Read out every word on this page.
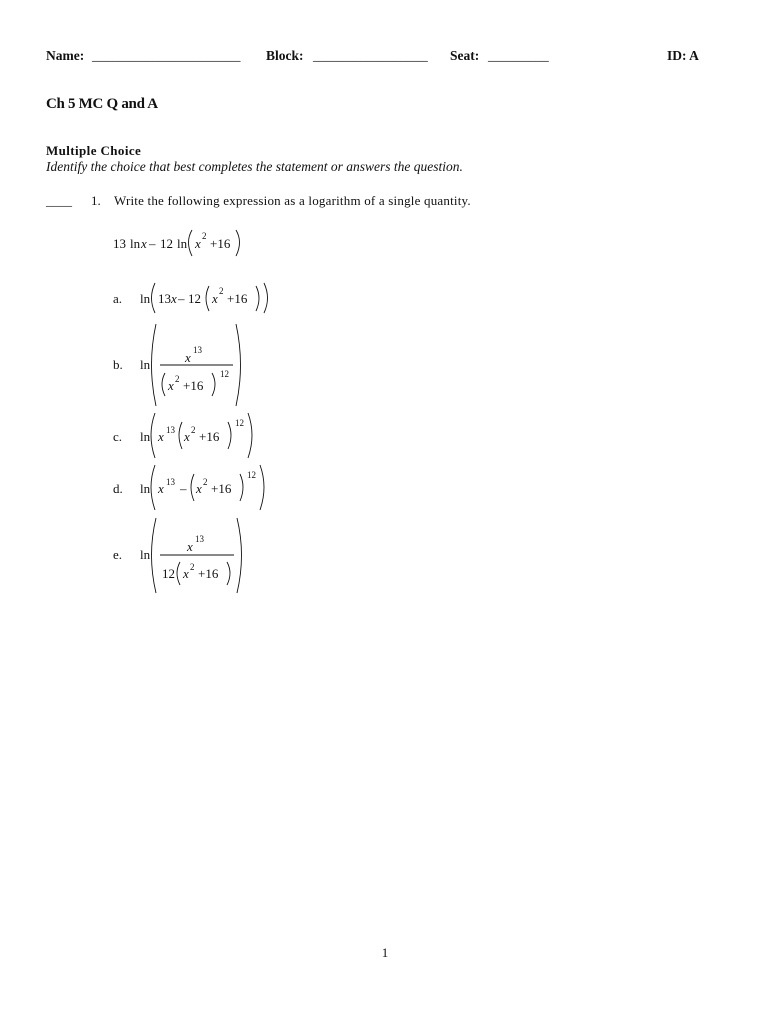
Name: ______________________ Block: _________________ Seat: _________	ID: A
Ch 5 MC Q and A
Multiple Choice
Identify the choice that best completes the statement or answers the question.
____ 1. Write the following expression as a logarithm of a single quantity.
13 ln x – 12 ln x 2 +16
a. ln 13 x – 12 x 2 +16
b. ln	x 13
x 2 +16
12
c. ln x 13 x 2 +16
12
d. ln x 13 – x 2 +16
12
e. ln
x 13
12 x 2 +16
1
